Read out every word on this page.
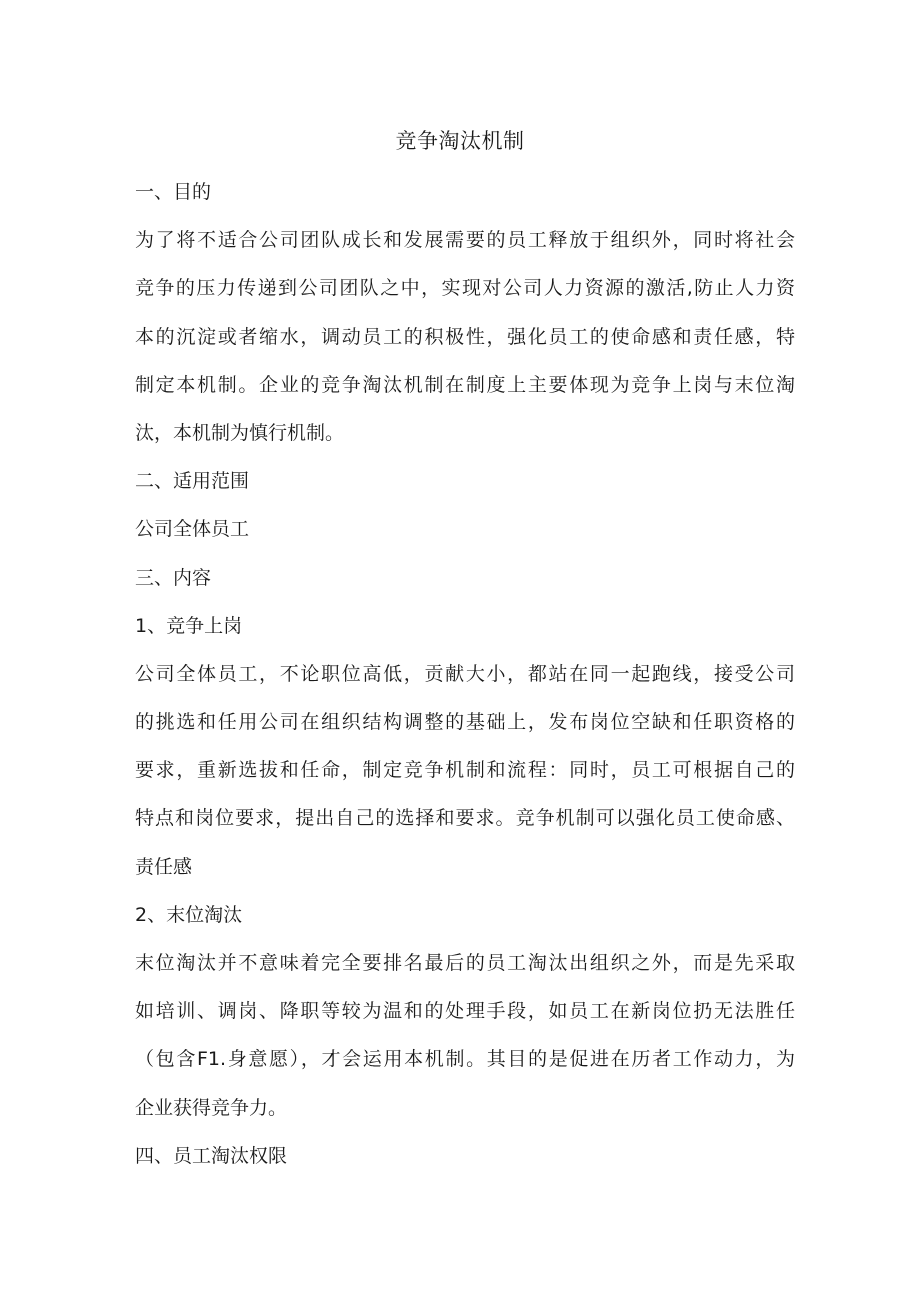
竞争淘汰机制
一、目的
为了将不适合公司团队成长和发展需要的员工释放于组织外，同时将社会
竞争的压力传递到公司团队之中，实现对公司人力资源的激活,防止人力资
本的沉淀或者缩水，调动员工的积极性，强化员工的使命感和责任感，特
制定本机制。企业的竞争淘汰机制在制度上主要体现为竞争上岗与末位淘
汰，本机制为慎行机制。
二、适用范围
公司全体员工
三、内容
1、竞争上岗
公司全体员工，不论职位高低，贡献大小，都站在同一起跑线，接受公司
的挑选和任用公司在组织结构调整的基础上，发布岗位空缺和任职资格的
要求，重新选拔和任命，制定竞争机制和流程：同时，员工可根据自己的
特点和岗位要求，提出自己的选择和要求。竞争机制可以强化员工使命感、
责任感
2、末位淘汰
末位淘汰并不意味着完全要排名最后的员工淘汰出组织之外，而是先采取
如培训、调岗、降职等较为温和的处理手段，如员工在新岗位扔无法胜任
（包含F1.身意愿），才会运用本机制。其目的是促进在历者工作动力，为
企业获得竞争力。
四、员工淘汰权限
